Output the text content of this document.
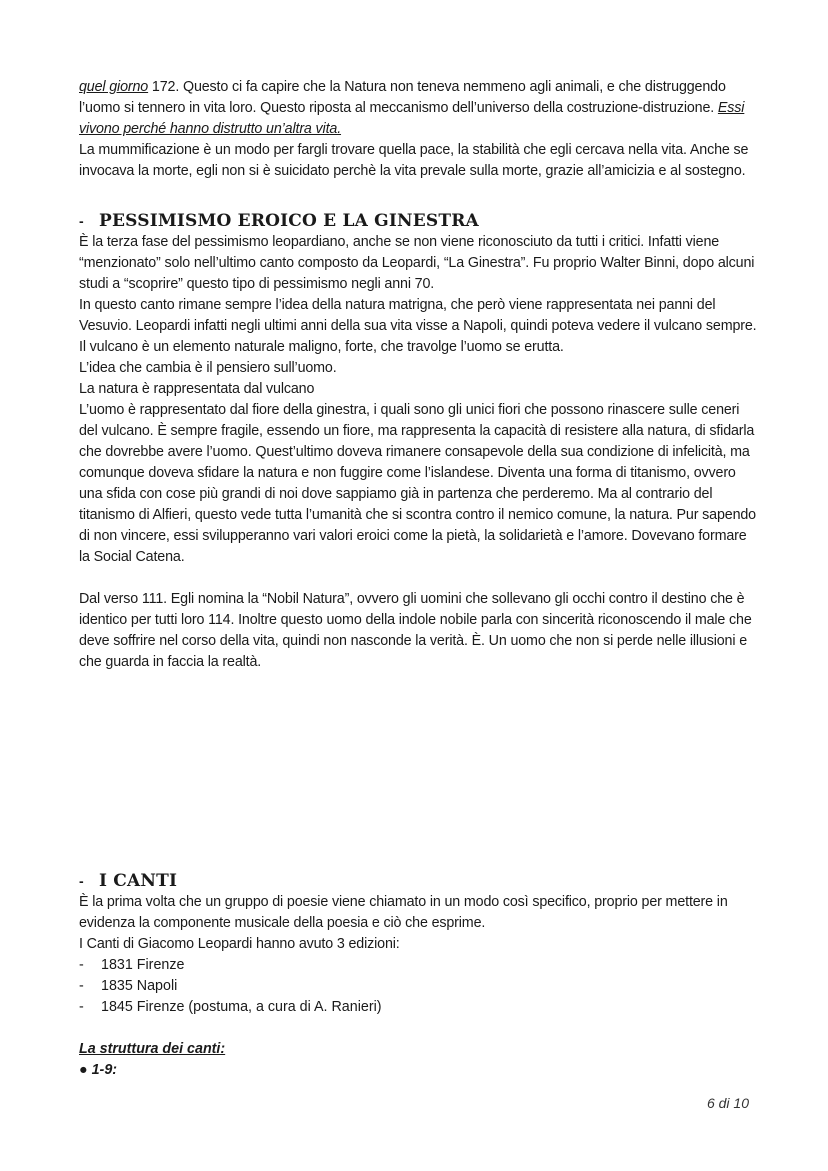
quel giorno 172. Questo ci fa capire che la Natura non teneva nemmeno agli animali, e che distruggendo l’uomo si tennero in vita loro. Questo riposta al meccanismo dell’universo della costruzione-distruzione. Essi vivono perché hanno distrutto un’altra vita.

La mummificazione è un modo per fargli trovare quella pace, la stabilità che egli cercava nella vita. Anche se invocava la morte, egli non si è suicidato perchè la vita prevale sulla morte, grazie all’amicizia e al sostegno.

- PESSIMISMO EROICO E LA GINESTRA

È la terza fase del pessimismo leopardiano, anche se non viene riconosciuto da tutti i critici. Infatti viene “menzionato” solo nell’ultimo canto composto da Leopardi, “La Ginestra”. Fu proprio Walter Binni, dopo alcuni studi a “scoprire” questo tipo di pessimismo negli anni 70.

In questo canto rimane sempre l’idea della natura matrigna, che però viene rappresentata nei panni del Vesuvio. Leopardi infatti negli ultimi anni della sua vita visse a Napoli, quindi poteva vedere il vulcano sempre. Il vulcano è un elemento naturale maligno, forte, che travolge l’uomo se erutta.

L’idea che cambia è il pensiero sull’uomo.

La natura è rappresentata dal vulcano

L’uomo è rappresentato dal fiore della ginestra, i quali sono gli unici fiori che possono rinascere sulle ceneri del vulcano. È sempre fragile, essendo un fiore, ma rappresenta la capacità di resistere alla natura, di sfidarla che dovrebbe avere l’uomo. Quest’ultimo doveva rimanere consapevole della sua condizione di infelicità, ma comunque doveva sfidare la natura e non fuggire come l’islandese. Diventa una forma di titanismo, ovvero una sfida con cose più grandi di noi dove sappiamo già in partenza che perderemo. Ma al contrario del titanismo di Alfieri, questo vede tutta l’umanità che si scontra contro il nemico comune, la natura. Pur sapendo di non vincere, essi svilupperanno vari valori eroici come la pietà, la solidarietà e l’amore. Dovevano formare la Social Catena.

Dal verso 111. Egli nomina la “Nobil Natura”, ovvero gli uomini che sollevano gli occhi contro il destino che è identico per tutti loro 114. Inoltre questo uomo della indole nobile parla con sincerità riconoscendo il male che deve soffrire nel corso della vita, quindi non nasconde la verità. È. Un uomo che non si perde nelle illusioni e che guarda in faccia la realtà.

- I CANTI

È la prima volta che un gruppo di poesie viene chiamato in un modo così specifico, proprio per mettere in evidenza la componente musicale della poesia e ciò che esprime.

I Canti di Giacomo Leopardi hanno avuto 3 edizioni:

-	1831 Firenze
-	1835 Napoli
-	1845 Firenze (postuma, a cura di A. Ranieri)

La struttura dei canti:

● 1-9:

6 di 10
